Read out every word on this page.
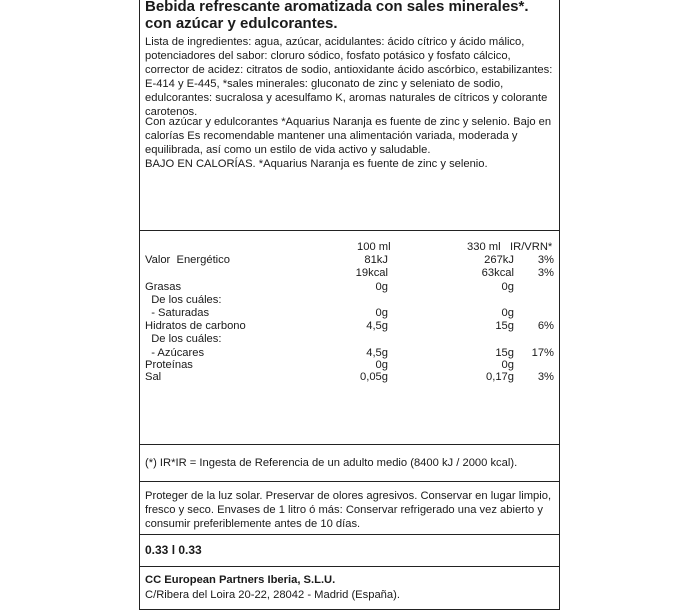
Bebida refrescante aromatizada con sales minerales*. con azúcar y edulcorantes.

Lista de ingredientes: agua, azúcar, acidulantes: ácido cítrico y ácido málico, potenciadores del sabor: cloruro sódico, fosfato potásico y fosfato cálcico, corrector de acidez: citratos de sodio, antioxidante ácido ascórbico, estabilizantes: E-414 y E-445, *sales minerales: gluconato de zinc y seleniato de sodio, edulcorantes: sucralosa y acesulfamo K, aromas naturales de cítricos y colorante carotenos.

Con azúcar y edulcorantes *Aquarius Naranja es fuente de zinc y selenio. Bajo en calorías Es recomendable mantener una alimentación variada, moderada y equilibrada, así como un estilo de vida activo y saludable.

BAJO EN CALORÍAS. *Aquarius Naranja es fuente de zinc y selenio.

100 ml	330 ml IR/VRN*
Valor  Energético	81kJ	267kJ	3%
19kcal	63kcal	3%
Grasas	0g	0g
De los cuáles:
- Saturadas	0g	0g
Hidratos de carbono	4,5g	15g	6%
De los cuáles:
- Azúcares	4,5g	15g	17%
Proteínas	0g	0g
Sal	0,05g	0,17g	3%

(*) IR*IR = Ingesta de Referencia de un adulto medio (8400 kJ / 2000 kcal).

Proteger de la luz solar. Preservar de olores agresivos. Conservar en lugar limpio, fresco y seco. Envases de 1 litro ó más: Conservar refrigerado una vez abierto y consumir preferiblemente antes de 10 días.

0.33 l 0.33

CC European Partners Iberia, S.L.U.

C/Ribera del Loira 20-22, 28042 - Madrid (España).
